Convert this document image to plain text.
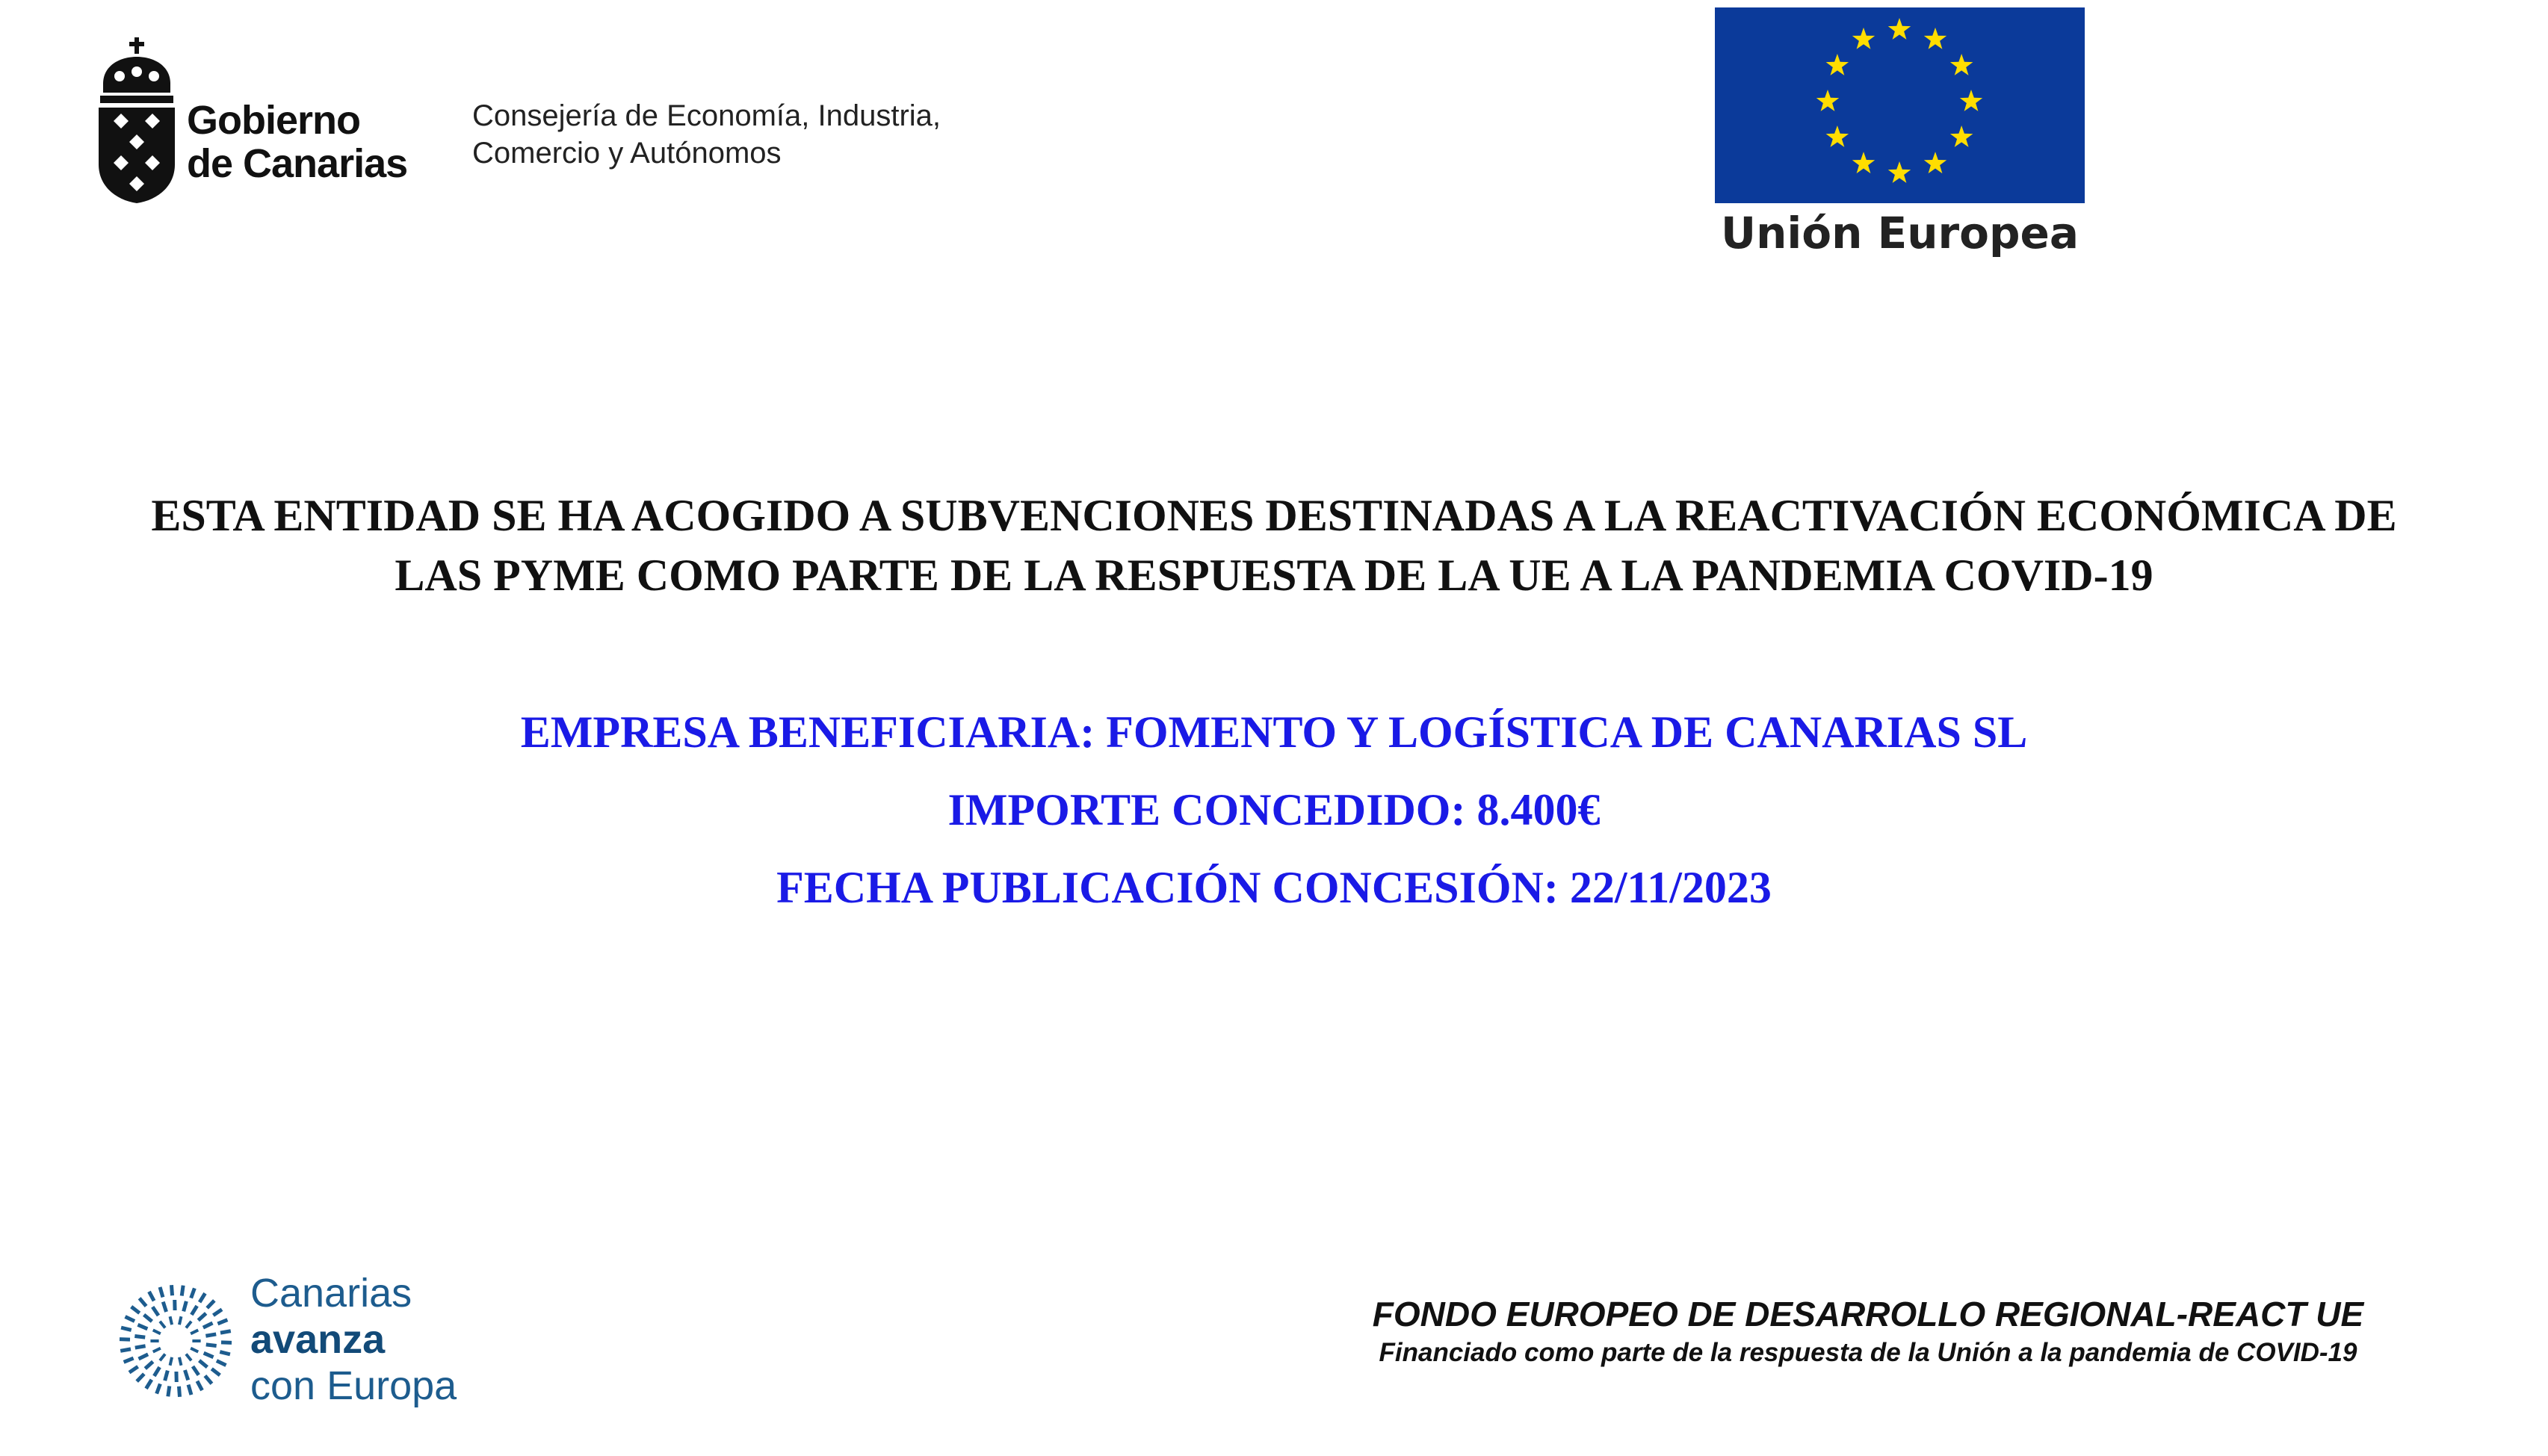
Gobierno
de Canarias
Consejería de Economía, Industria,
Comercio y Autónomos
Unión Europea
ESTA ENTIDAD SE HA ACOGIDO A SUBVENCIONES DESTINADAS A LA REACTIVACIÓN ECONÓMICA DE
LAS PYME COMO PARTE DE LA RESPUESTA DE LA UE A LA PANDEMIA COVID-19
EMPRESA BENEFICIARIA: FOMENTO Y LOGÍSTICA DE CANARIAS SL
IMPORTE CONCEDIDO: 8.400€
FECHA PUBLICACIÓN CONCESIÓN: 22/11/2023
Canarias
avanza
con Europa
FONDO EUROPEO DE DESARROLLO REGIONAL-REACT UE
Financiado como parte de la respuesta de la Unión a la pandemia de COVID-19
